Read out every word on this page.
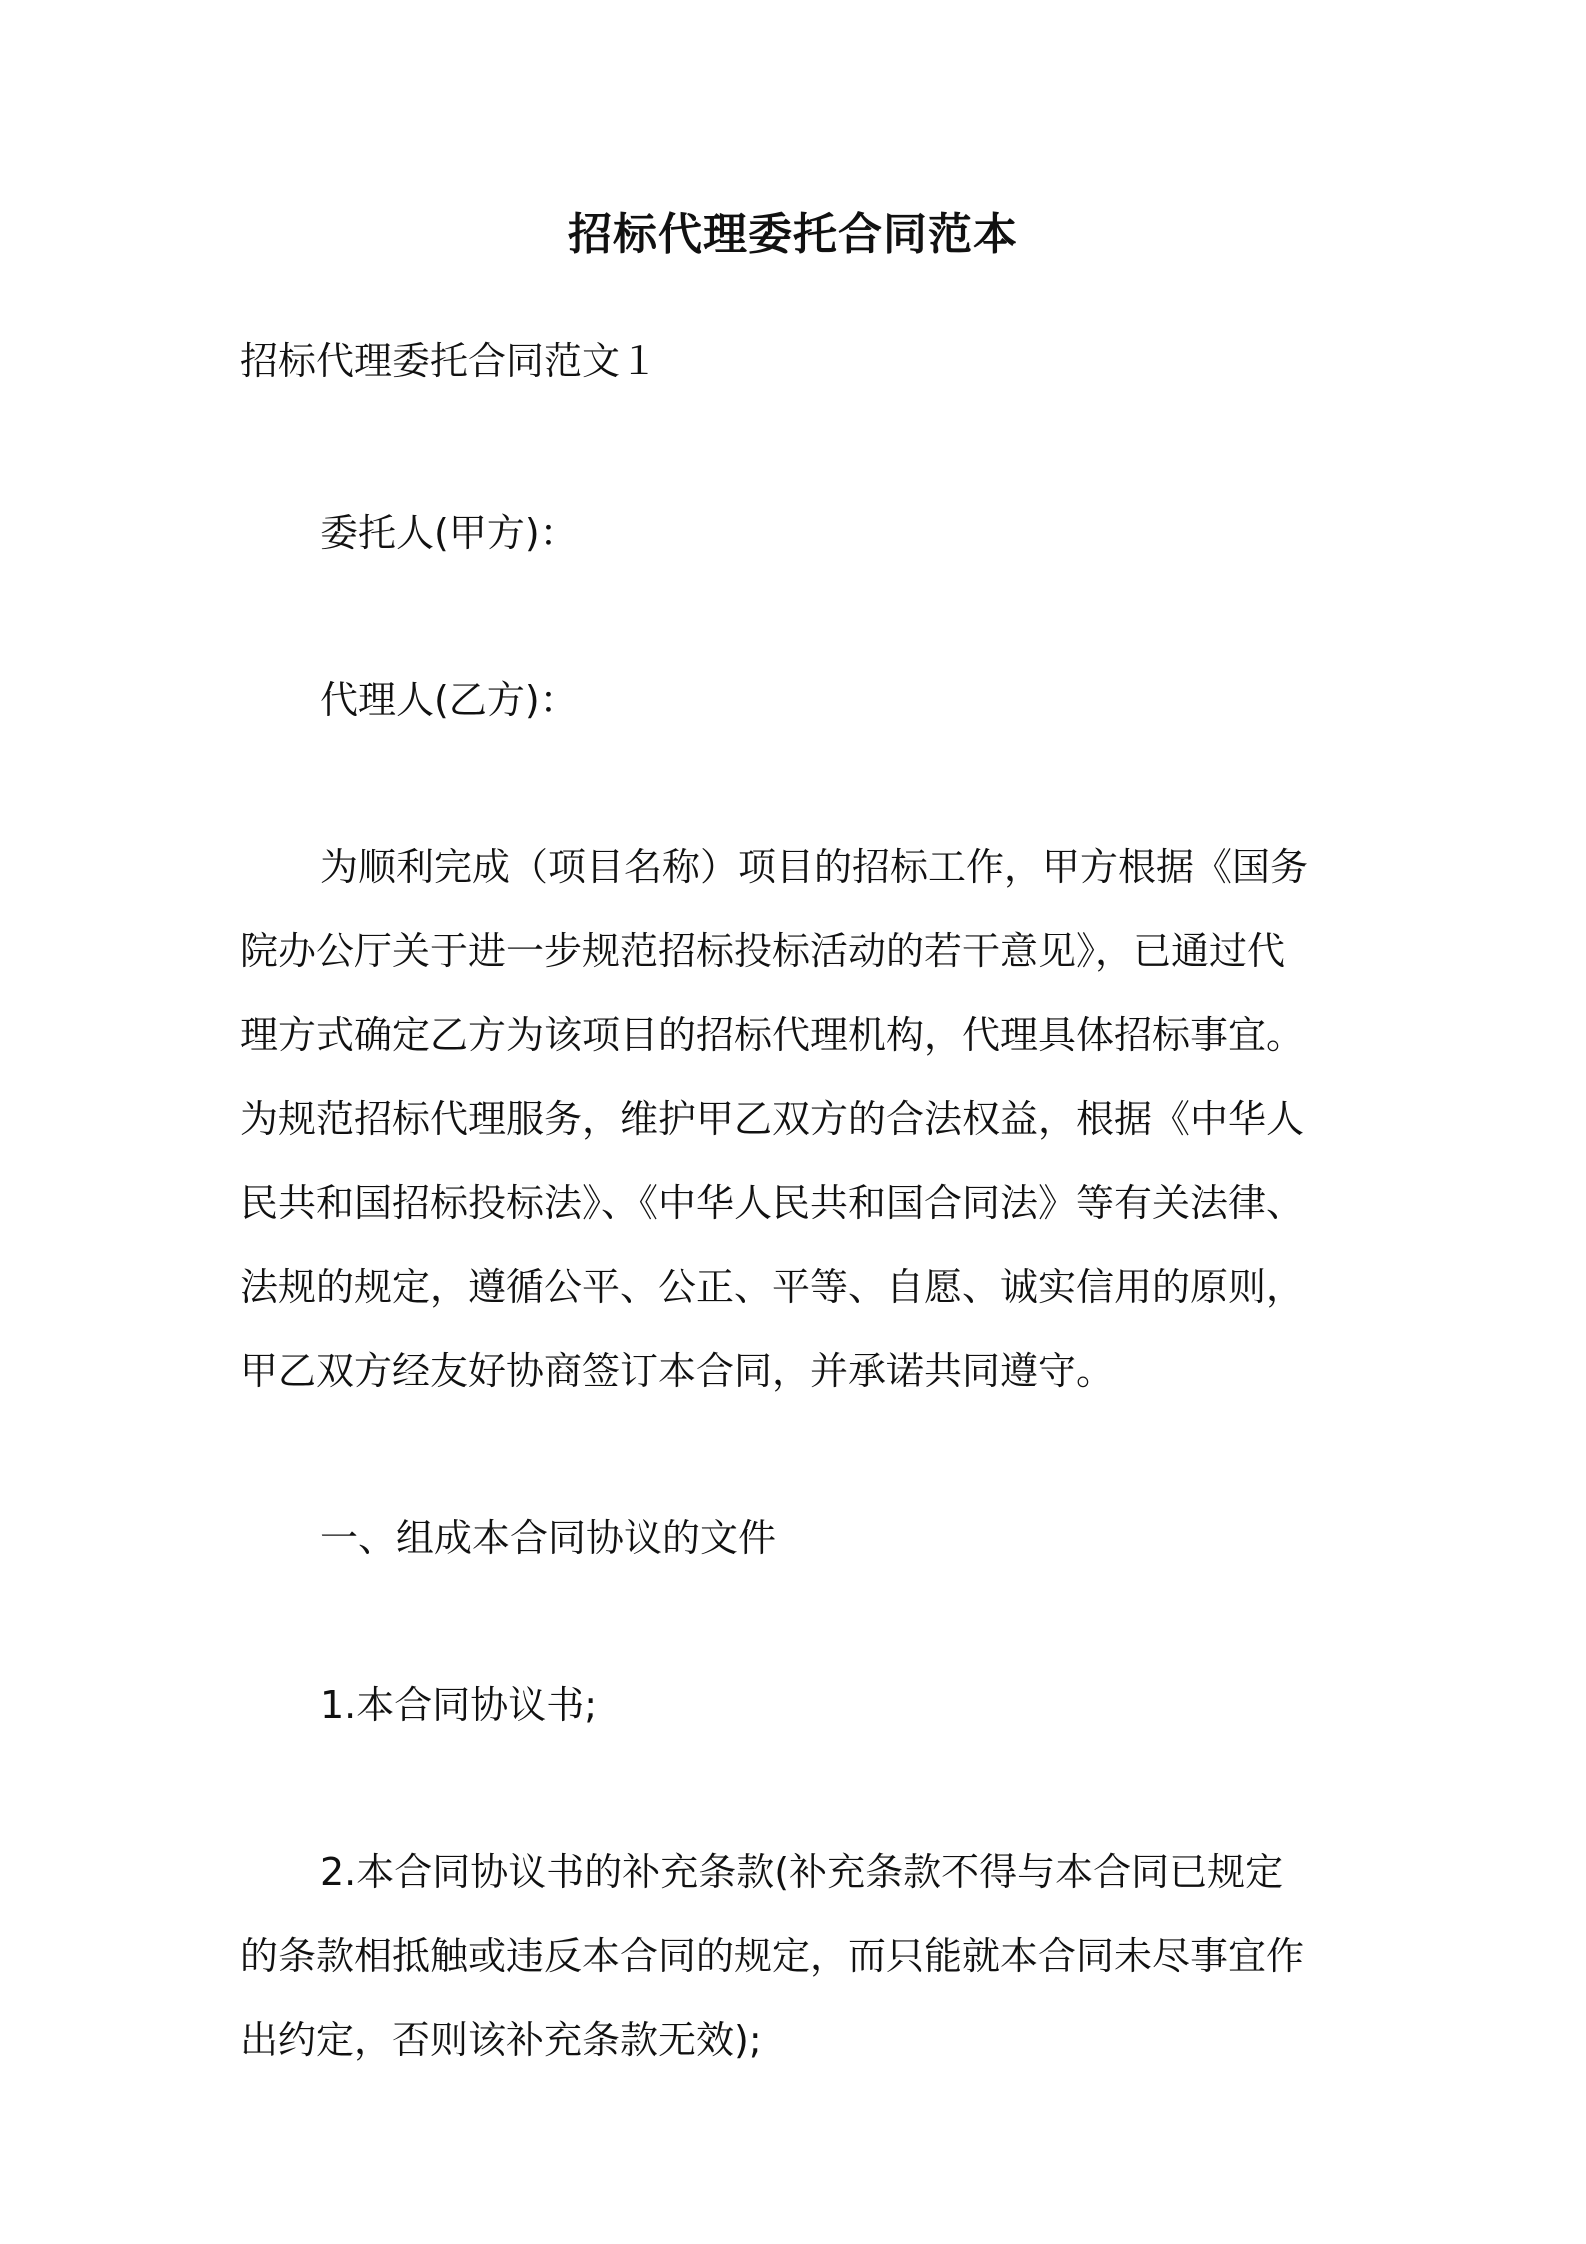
招标代理委托合同范本
招标代理委托合同范文１
委托人(甲方)：
代理人(乙方)：
为顺利完成（项目名称）项目的招标工作，甲方根据《国务
院办公厅关于进一步规范招标投标活动的若干意见》，已通过代
理方式确定乙方为该项目的招标代理机构，代理具体招标事宜。
为规范招标代理服务，维护甲乙双方的合法权益，根据《中华人
民共和国招标投标法》、《中华人民共和国合同法》等有关法律、
法规的规定，遵循公平、公正、平等、自愿、诚实信用的原则，
甲乙双方经友好协商签订本合同，并承诺共同遵守。
一、组成本合同协议的文件
1.本合同协议书;
2.本合同协议书的补充条款(补充条款不得与本合同已规定
的条款相抵触或违反本合同的规定，而只能就本合同未尽事宜作
出约定，否则该补充条款无效);
